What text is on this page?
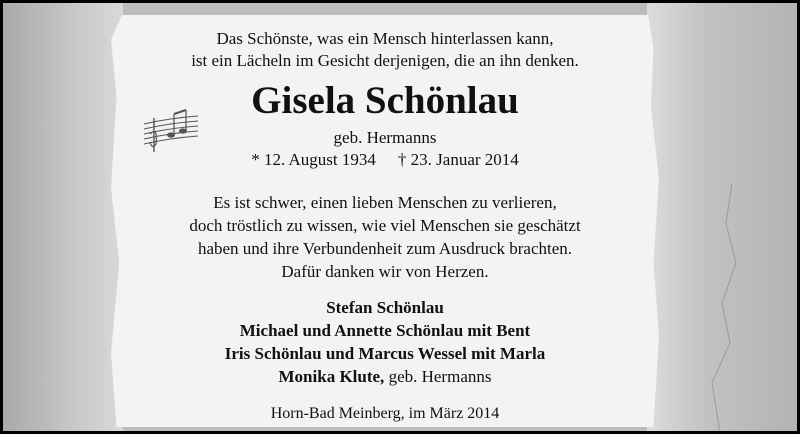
Das Schönste, was ein Mensch hinterlassen kann,
ist ein Lächeln im Gesicht derjenigen, die an ihn denken.
Gisela Schönlau
geb. Hermanns
* 12. August 1934 † 23. Januar 2014
Es ist schwer, einen lieben Menschen zu verlieren,
doch tröstlich zu wissen, wie viel Menschen sie geschätzt
haben und ihre Verbundenheit zum Ausdruck brachten.
Dafür danken wir von Herzen.
Stefan Schönlau
Michael und Annette Schönlau mit Bent
Iris Schönlau und Marcus Wessel mit Marla
Monika Klute, geb. Hermanns
Horn-Bad Meinberg, im März 2014
